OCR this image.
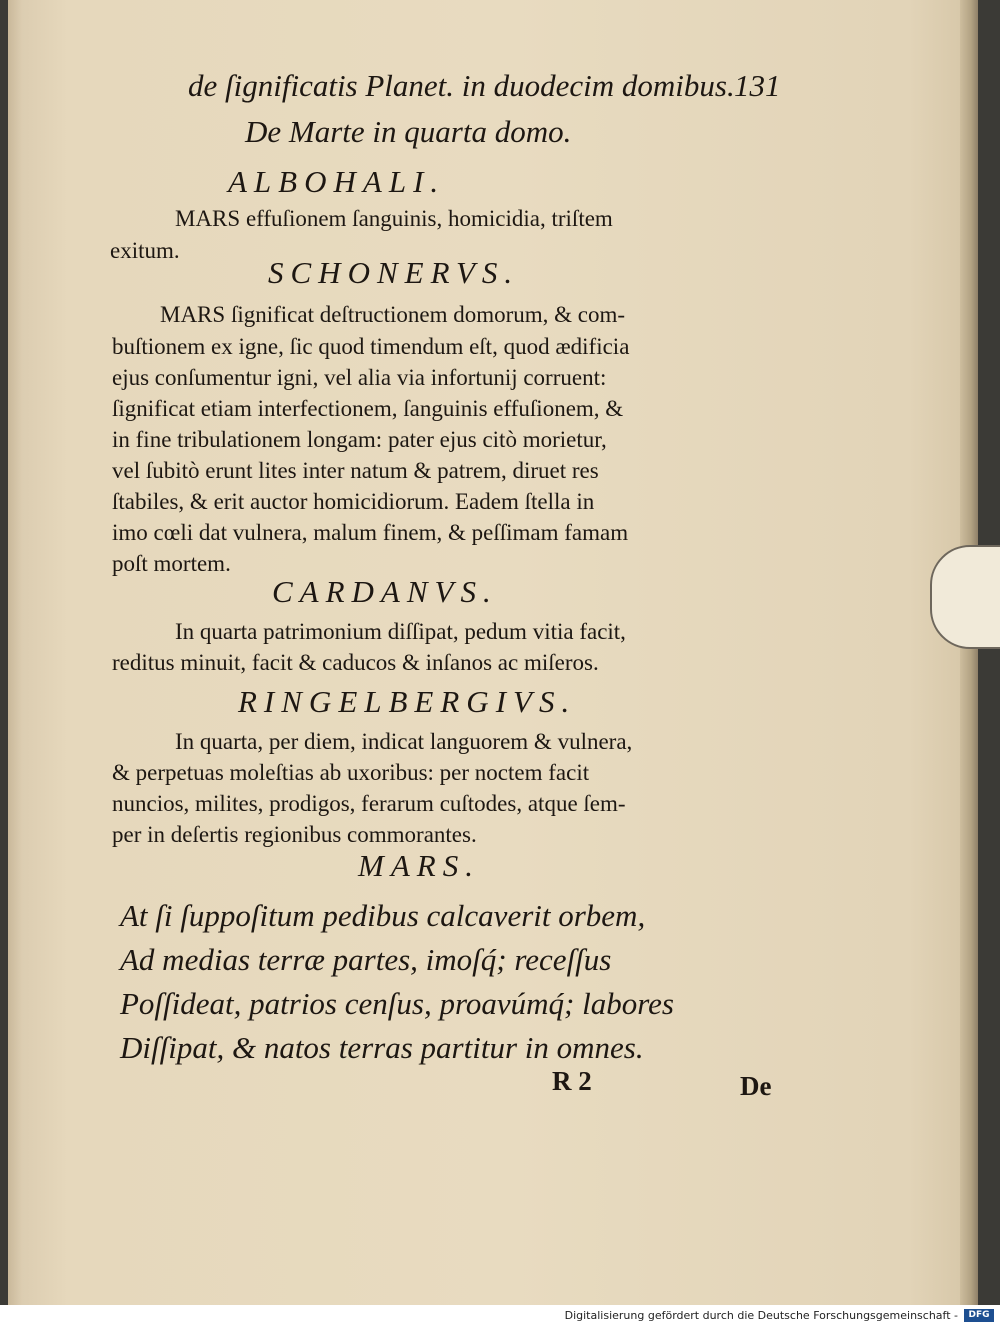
de ſignificatis Planet. in duodecim domibus. 131
De Marte in quarta domo.
ALBOHALI.
MARS effuſionem ſanguinis, homicidia, triſtem
exitum.
SCHONERVS.
MARS ſignificat deſtructionem domorum, & com-
buſtionem ex igne, ſic quod timendum eſt, quod ædificia
ejus conſumentur igni, vel alia via infortunij corruent:
ſignificat etiam interfectionem, ſanguinis effuſionem, &
in fine tribulationem longam: pater ejus citò morietur,
vel ſubitò erunt lites inter natum & patrem, diruet res
ſtabiles, & erit auctor homicidiorum. Eadem ſtella in
imo cœli dat vulnera, malum finem, & peſſimam famam
poſt mortem.
CARDANVS.
In quarta patrimonium diſſipat, pedum vitia facit,
reditus minuit, facit & caducos & inſanos ac miſeros.
RINGELBERGIVS.
In quarta, per diem, indicat languorem & vulnera,
& perpetuas moleſtias ab uxoribus: per noctem facit
nuncios, milites, prodigos, ferarum cuſtodes, atque ſem-
per in deſertis regionibus commorantes.
MARS.
At ſi ſuppoſitum pedibus calcaverit orbem,
Ad medias terræ partes, imoſq́; receſſus
Poſſideat, patrios cenſus, proavúmq́; labores
Diſſipat, & natos terras partitur in omnes.
R 2	De
Digitalisierung gefördert durch die Deutsche Forschungsgemeinschaft -	DFG
